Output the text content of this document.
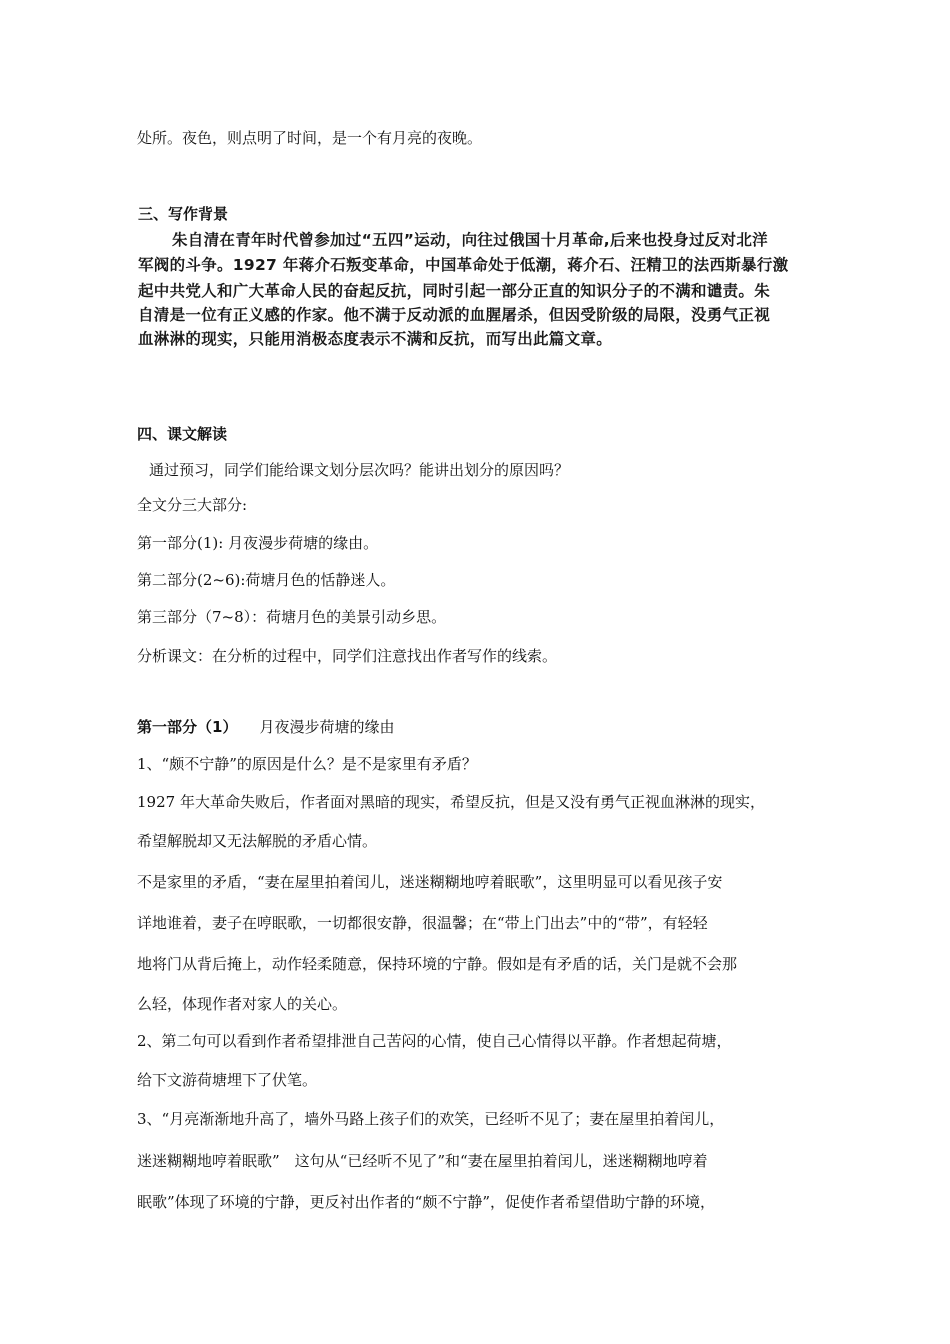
处所。夜色，则点明了时间，是一个有月亮的夜晚。
三、写作背景
朱自清在青年时代曾参加过“五四”运动，向往过俄国十月革命,后来也投身过反对北洋
军阀的斗争。1927 年蒋介石叛变革命，中国革命处于低潮，蒋介石、汪精卫的法西斯暴行激
起中共党人和广大革命人民的奋起反抗，同时引起一部分正直的知识分子的不满和谴责。朱
自清是一位有正义感的作家。他不满于反动派的血腥屠杀，但因受阶级的局限，没勇气正视
血淋淋的现实，只能用消极态度表示不满和反抗，而写出此篇文章。
四、课文解读
通过预习，同学们能给课文划分层次吗？能讲出划分的原因吗？
全文分三大部分:
第一部分(1): 月夜漫步荷塘的缘由。
第二部分(2~6):荷塘月色的恬静迷人。
第三部分（7~8）：荷塘月色的美景引动乡思。
分析课文：在分析的过程中，同学们注意找出作者写作的线索。
第一部分（1） 月夜漫步荷塘的缘由
1、“颇不宁静”的原因是什么？是不是家里有矛盾？
1927 年大革命失败后，作者面对黑暗的现实，希望反抗，但是又没有勇气正视血淋淋的现实，
希望解脱却又无法解脱的矛盾心情。
不是家里的矛盾，“妻在屋里拍着闰儿，迷迷糊糊地哼着眠歌”，这里明显可以看见孩子安
详地谁着，妻子在哼眠歌，一切都很安静，很温馨；在“带上门出去”中的“带”，有轻轻
地将门从背后掩上，动作轻柔随意，保持环境的宁静。假如是有矛盾的话，关门是就不会那
么轻，体现作者对家人的关心。
2、第二句可以看到作者希望排泄自己苦闷的心情，使自己心情得以平静。作者想起荷塘，
给下文游荷塘埋下了伏笔。
3、“月亮渐渐地升高了，墙外马路上孩子们的欢笑，已经听不见了；妻在屋里拍着闰儿，
迷迷糊糊地哼着眠歌”　这句从“已经听不见了”和“妻在屋里拍着闰儿，迷迷糊糊地哼着
眠歌”体现了环境的宁静，更反衬出作者的“颇不宁静”，促使作者希望借助宁静的环境，
